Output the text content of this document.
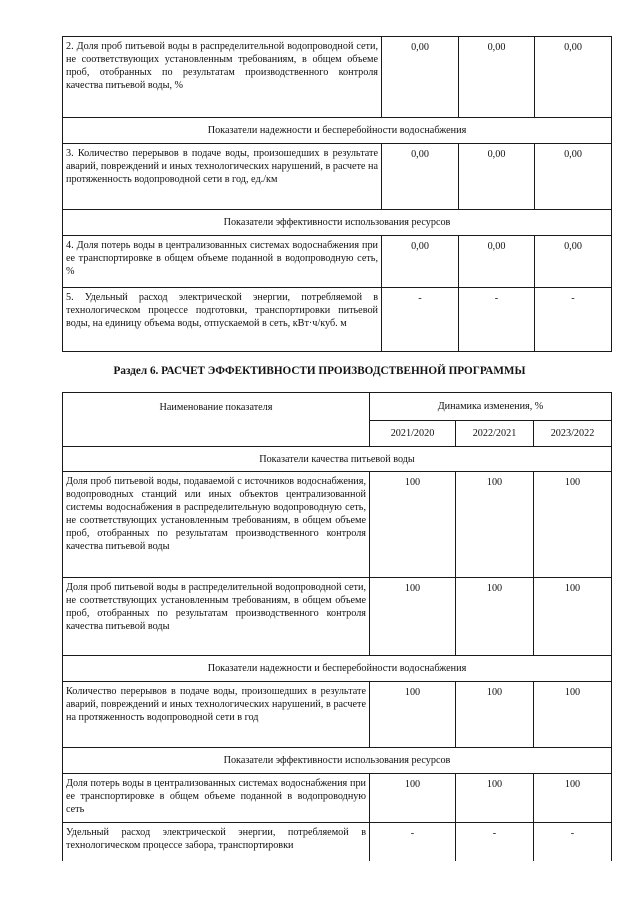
2. Доля проб питьевой воды в распределительной водопроводной сети, не соответствующих установленным требованиям, в общем объеме проб, отобранных по результатам производственного контроля качества питьевой воды, %	0,00	0,00	0,00
Показатели надежности и бесперебойности водоснабжения			
3. Количество перерывов в подаче воды, произошедших в результате аварий, повреждений и иных технологических нарушений, в расчете на протяженность водопроводной сети в год, ед./км	0,00	0,00	0,00
Показатели эффективности использования ресурсов			
4. Доля потерь воды в централизованных системах водоснабжения при ее транспортировке в общем объеме поданной в водопроводную сеть, %	0,00	0,00	0,00
5. Удельный расход электрической энергии, потребляемой в технологическом процессе подготовки, транспортировки питьевой воды, на единицу объема воды, отпускаемой в сеть, кВт·ч/куб. м	-	-	-
Раздел 6. РАСЧЕТ ЭФФЕКТИВНОСТИ ПРОИЗВОДСТВЕННОЙ ПРОГРАММЫ
Наименование показателя	Динамика изменения, %		
	2021/2020	2022/2021	2023/2022
Показатели качества питьевой воды			
Доля проб питьевой воды, подаваемой с источников водоснабжения, водопроводных станций или иных объектов централизованной системы водоснабжения в распределительную водопроводную сеть, не соответствующих установленным требованиям, в общем объеме проб, отобранных по результатам производственного контроля качества питьевой воды	100	100	100
Доля проб питьевой воды в распределительной водопроводной сети, не соответствующих установленным требованиям, в общем объеме проб, отобранных по результатам производственного контроля качества питьевой воды	100	100	100
Показатели надежности и бесперебойности водоснабжения			
Количество перерывов в подаче воды, произошедших в результате аварий, повреждений и иных технологических нарушений, в расчете на протяженность водопроводной сети в год	100	100	100
Показатели эффективности использования ресурсов			
Доля потерь воды в централизованных системах водоснабжения при ее транспортировке в общем объеме поданной в водопроводную сеть	100	100	100
Удельный расход электрической энергии, потребляемой в технологическом процессе забора, транспортировки	-	-	-
